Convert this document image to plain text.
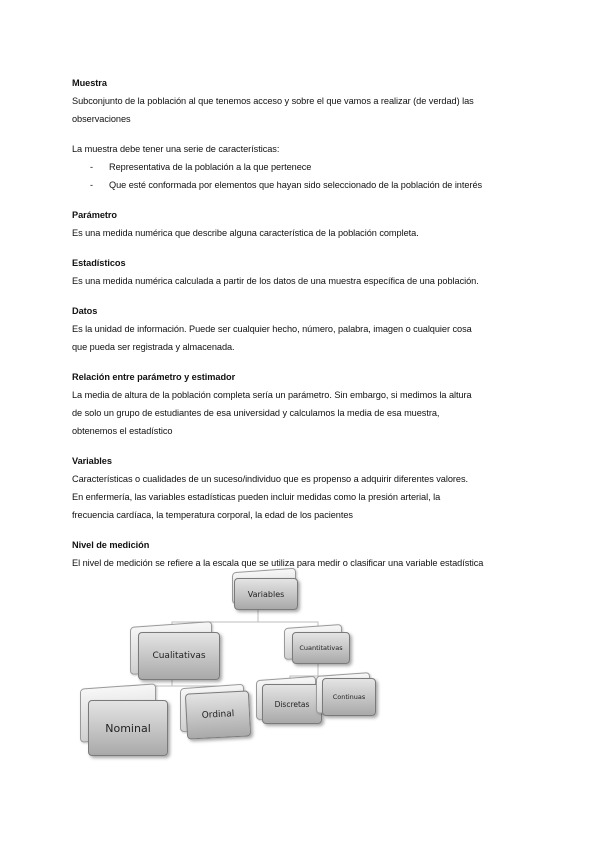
Muestra
Subconjunto de la población al que tenemos acceso y sobre el que vamos a realizar (de verdad) las
observaciones
La muestra debe tener una serie de características:
- Representativa de la población a la que pertenece
- Que esté conformada por elementos que hayan sido seleccionado de la población de interés
Parámetro
Es una medida numérica que describe alguna característica de la población completa.
Estadísticos
Es una medida numérica calculada a partir de los datos de una muestra específica de una población.
Datos
Es la unidad de información. Puede ser cualquier hecho, número, palabra, imagen o cualquier cosa
que pueda ser registrada y almacenada.
Relación entre parámetro y estimador
La media de altura de la población completa sería un parámetro. Sin embargo, si medimos la altura
de solo un grupo de estudiantes de esa universidad y calculamos la media de esa muestra,
obtenemos el estadístico
Variables
Características o cualidades de un suceso/individuo que es propenso a adquirir diferentes valores.
En enfermería, las variables estadísticas pueden incluir medidas como la presión arterial, la
frecuencia cardíaca, la temperatura corporal, la edad de los pacientes
Nivel de medición
El nivel de medición se refiere a la escala que se utiliza para medir o clasificar una variable estadística
Variables
Cualitativas
Cuantitativas
Nominal
Ordinal
Discretas
Continuas
